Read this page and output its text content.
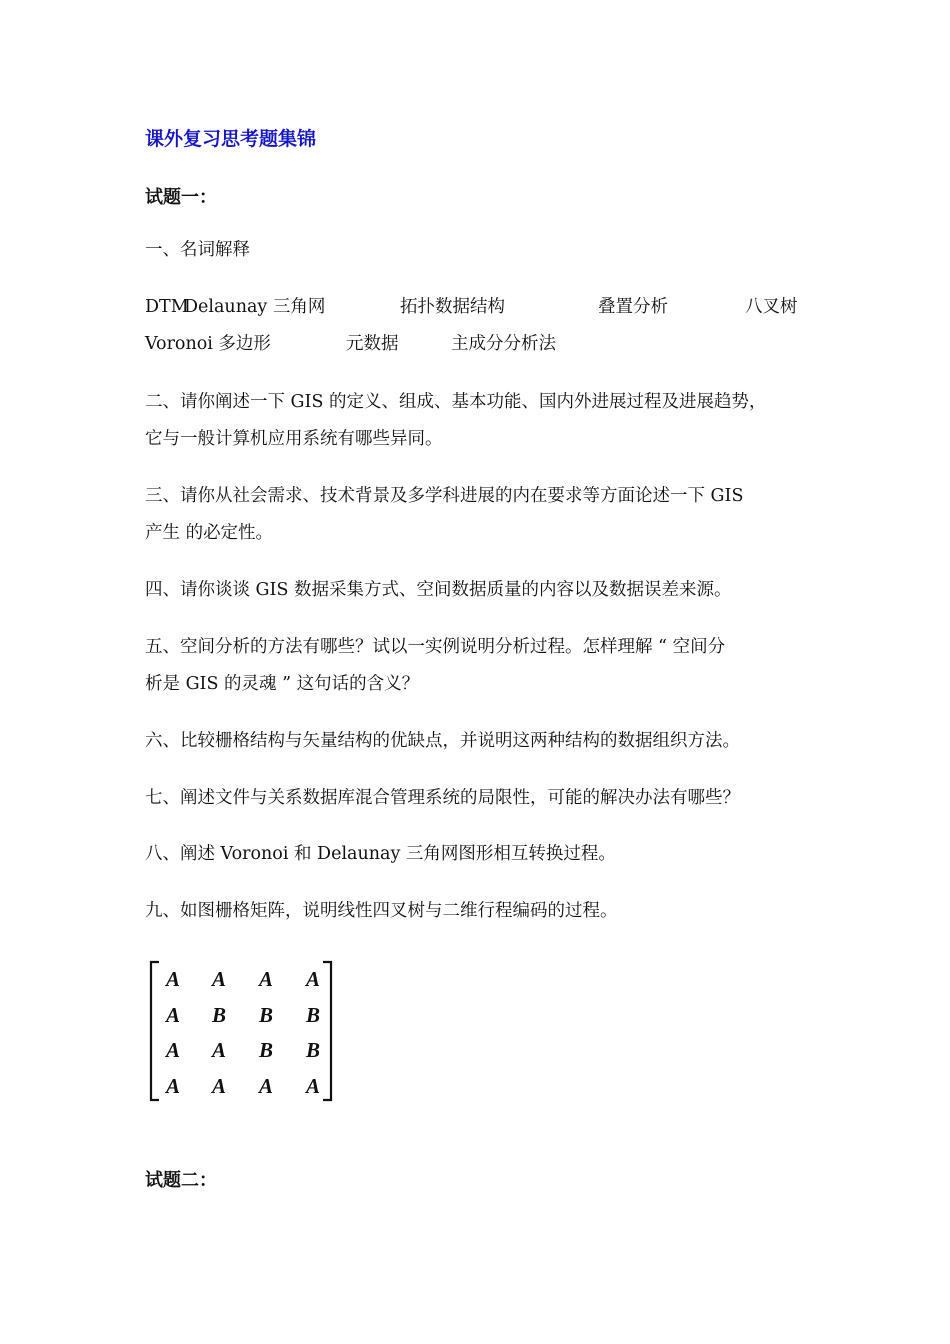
课外复习思考题集锦
试题一：
一、名词解释
DTM
Delaunay 三角网	拓扑数据结构	叠置分析	八叉树
Voronoi 多边形	元数据	主成分分析法
二、请你阐述一下 GIS 的定义、组成、基本功能、国内外进展过程及进展趋势，
它与一般计算机应用系统有哪些异同。
三、请你从社会需求、技术背景及多学科进展的内在要求等方面论述一下 GIS
产生 的必定性。
四、请你谈谈 GIS 数据采集方式、空间数据质量的内容以及数据误差来源。
五、空间分析的方法有哪些？试以一实例说明分析过程。怎样理解 “ 空间分
析是 GIS 的灵魂 ” 这句话的含义？
六、比较栅格结构与矢量结构的优缺点，并说明这两种结构的数据组织方法。
七、阐述文件与关系数据库混合管理系统的局限性，可能的解决办法有哪些？
八、阐述 Voronoi 和 Delaunay 三角网图形相互转换过程。
九、如图栅格矩阵，说明线性四叉树与二维行程编码的过程。
A A A A
A B B B
A A B B
A A A A
试题二：
